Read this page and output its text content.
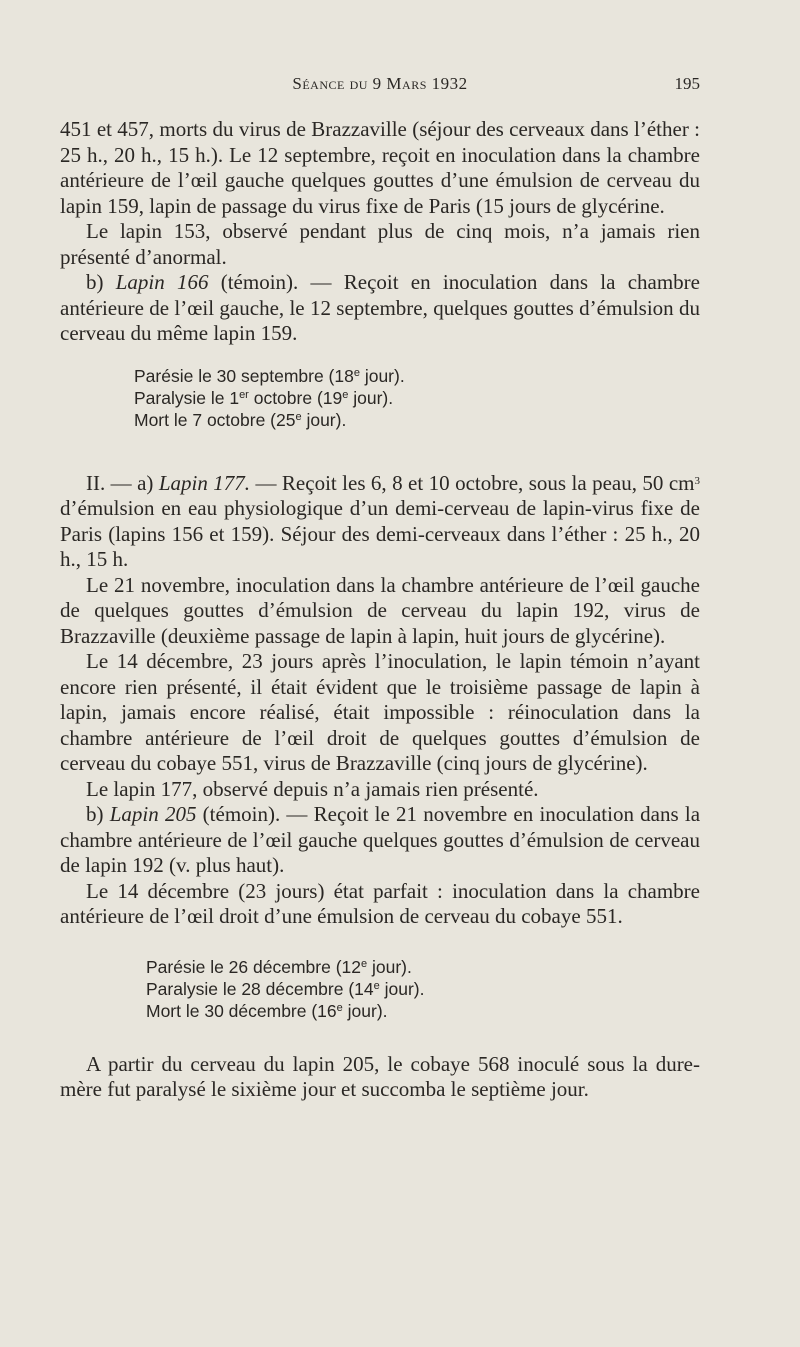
Séance du 9 Mars 1932	195

451 et 457, morts du virus de Brazzaville (séjour des cerveaux dans l’éther : 25 h., 20 h., 15 h.). Le 12 septembre, reçoit en inoculation dans la chambre antérieure de l’œil gauche quelques gouttes d’une émulsion de cerveau du lapin 159, lapin de passage du virus fixe de Paris (15 jours de glycérine.

Le lapin 153, observé pendant plus de cinq mois, n’a jamais rien présenté d’anormal.

b) Lapin 166 (témoin). — Reçoit en inoculation dans la chambre antérieure de l’œil gauche, le 12 septembre, quelques gouttes d’émulsion du cerveau du même lapin 159.

Parésie le 30 septembre (18e jour).
Paralysie le 1er octobre (19e jour).
Mort le 7 octobre (25e jour).

II. — a) Lapin 177. — Reçoit les 6, 8 et 10 octobre, sous la peau, 50 $cm^3$ d’émulsion en eau physiologique d’un demi-cerveau de lapin-virus fixe de Paris (lapins 156 et 159). Séjour des demi-cerveaux dans l’éther : 25 h., 20 h., 15 h.

Le 21 novembre, inoculation dans la chambre antérieure de l’œil gauche de quelques gouttes d’émulsion de cerveau du lapin 192, virus de Brazzaville (deuxième passage de lapin à lapin, huit jours de glycérine).

Le 14 décembre, 23 jours après l’inoculation, le lapin témoin n’ayant encore rien présenté, il était évident que le troisième passage de lapin à lapin, jamais encore réalisé, était impossible : réinoculation dans la chambre antérieure de l’œil droit de quelques gouttes d’émulsion de cerveau du cobaye 551, virus de Brazzaville (cinq jours de glycérine).

Le lapin 177, observé depuis n’a jamais rien présenté.

b) Lapin 205 (témoin). — Reçoit le 21 novembre en inoculation dans la chambre antérieure de l’œil gauche quelques gouttes d’émulsion de cerveau de lapin 192 (v. plus haut).

Le 14 décembre (23 jours) état parfait : inoculation dans la chambre antérieure de l’œil droit d’une émulsion de cerveau du cobaye 551.

Parésie le 26 décembre (12e jour).
Paralysie le 28 décembre (14e jour).
Mort le 30 décembre (16e jour).

A partir du cerveau du lapin 205, le cobaye 568 inoculé sous la dure-mère fut paralysé le sixième jour et succomba le septième jour.
